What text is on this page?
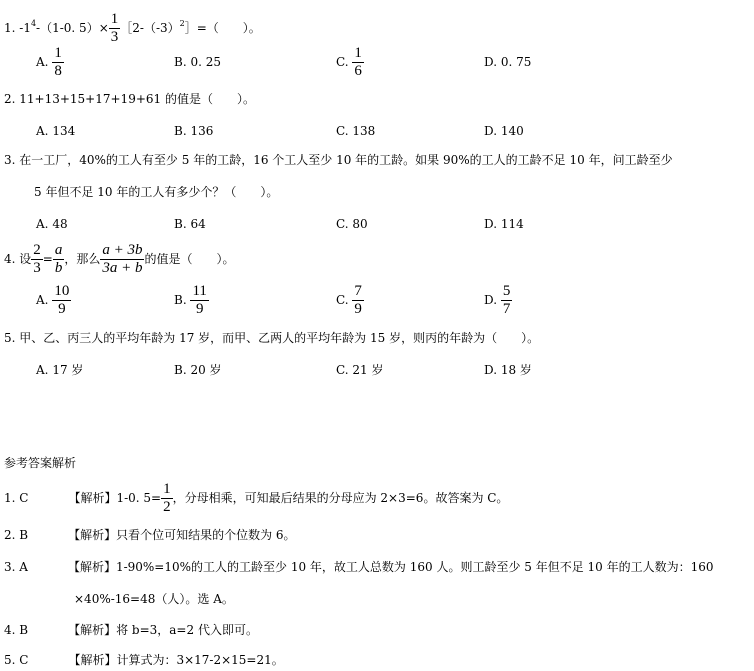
1. $-1^4-(1-0$. $5)\times \frac{1}{3}$ $[2-(-3)^2]=$（　　）。
A. $\frac{1}{8}$	B. 0. 25	C. $\frac{1}{6}$	D. 0. 75
2. 11+13+15+17+19+61 的值是（　　）。
A. 134	B. 136	C. 138	D. 140
3. 在一工厂，40%的工人有至少 5 年的工龄，16 个工人至少 10 年的工龄。如果 90%的工人的工龄不足 10 年，问工龄至少
5 年但不足 10 年的工人有多少个？（　　）。
A. 48	B. 64	C. 80	D. 114
4. 设 $\frac{2}{3} = \frac{a}{b}$ ，那么 $\frac{a + 3b}{3a + b}$ 的值是（　　）。
A. $\frac{10}{9}$	B. $\frac{11}{9}$	C. $\frac{7}{9}$	D. $\frac{5}{7}$
5. 甲、乙、丙三人的平均年龄为 17 岁，而甲、乙两人的平均年龄为 15 岁，则丙的年龄为（　　）。
A. 17 岁	B. 20 岁	C. 21 岁	D. 18 岁
参考答案解析
1. C	【解析】1-0. $5= \frac{1}{2}$ ，分母相乘，可知最后结果的分母应为 2×3=6。故答案为 C。
2. B	【解析】只看个位可知结果的个位数为 6。
3. A	【解析】1-90%=10%的工人的工龄至少 10 年，故工人总数为 160 人。则工龄至少 5 年但不足 10 年的工人数为：160
×40%-16=48（人）。选 A。
4. B	【解析】将 b=3，a=2 代入即可。
5. C	【解析】计算式为：3×17-2×15=21。
